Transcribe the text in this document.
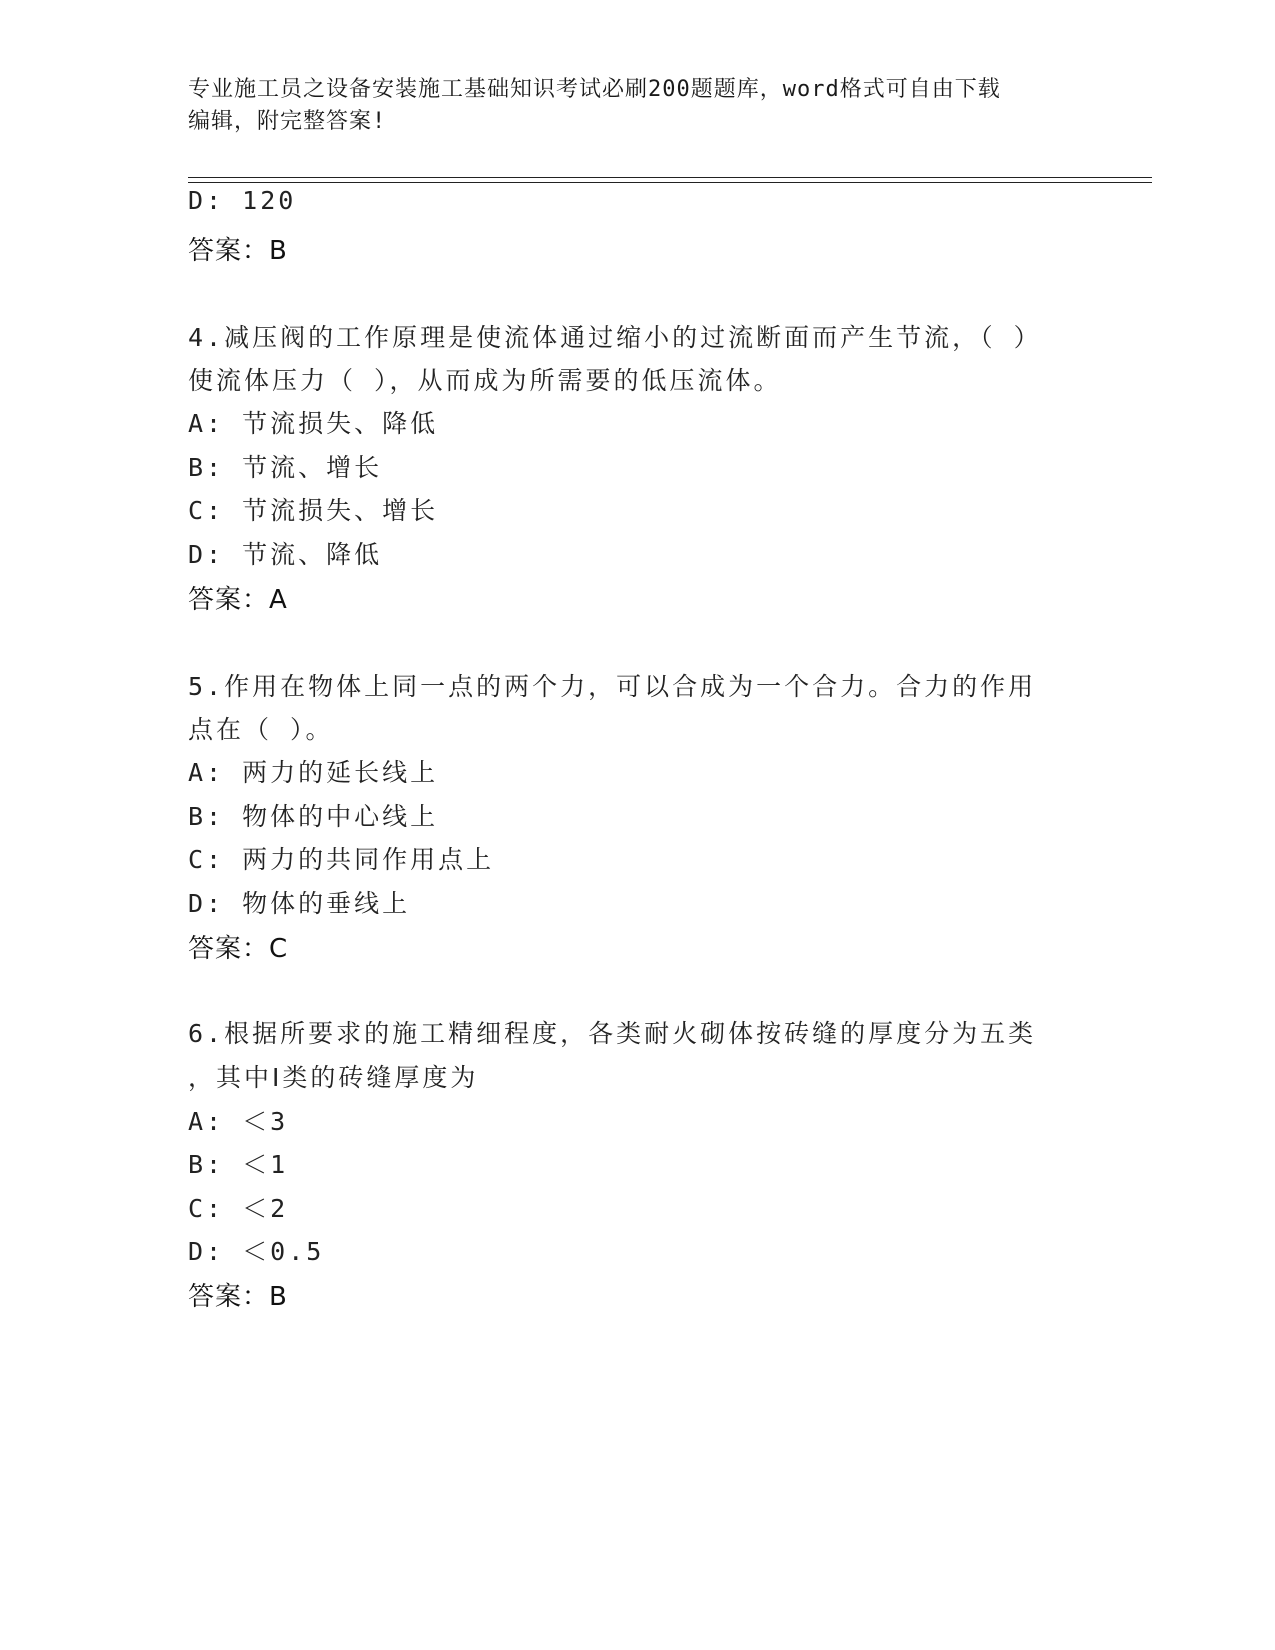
专业施工员之设备安装施工基础知识考试必刷200题题库，word格式可自由下载
编辑，附完整答案!
D: 120
答案：B
4.减压阀的工作原理是使流体通过缩小的过流断面而产生节流，（ ）
使流体压力（ ），从而成为所需要的低压流体。
A: 节流损失、降低
B: 节流、增长
C: 节流损失、增长
D: 节流、降低
答案：A
5.作用在物体上同一点的两个力，可以合成为一个合力。合力的作用
点在（ ）。
A: 两力的延长线上
B: 物体的中心线上
C: 两力的共同作用点上
D: 物体的垂线上
答案：C
6.根据所要求的施工精细程度，各类耐火砌体按砖缝的厚度分为五类
，其中Ⅰ类的砖缝厚度为
A: ＜3
B: ＜1
C: ＜2
D: ＜0.5
答案：B
